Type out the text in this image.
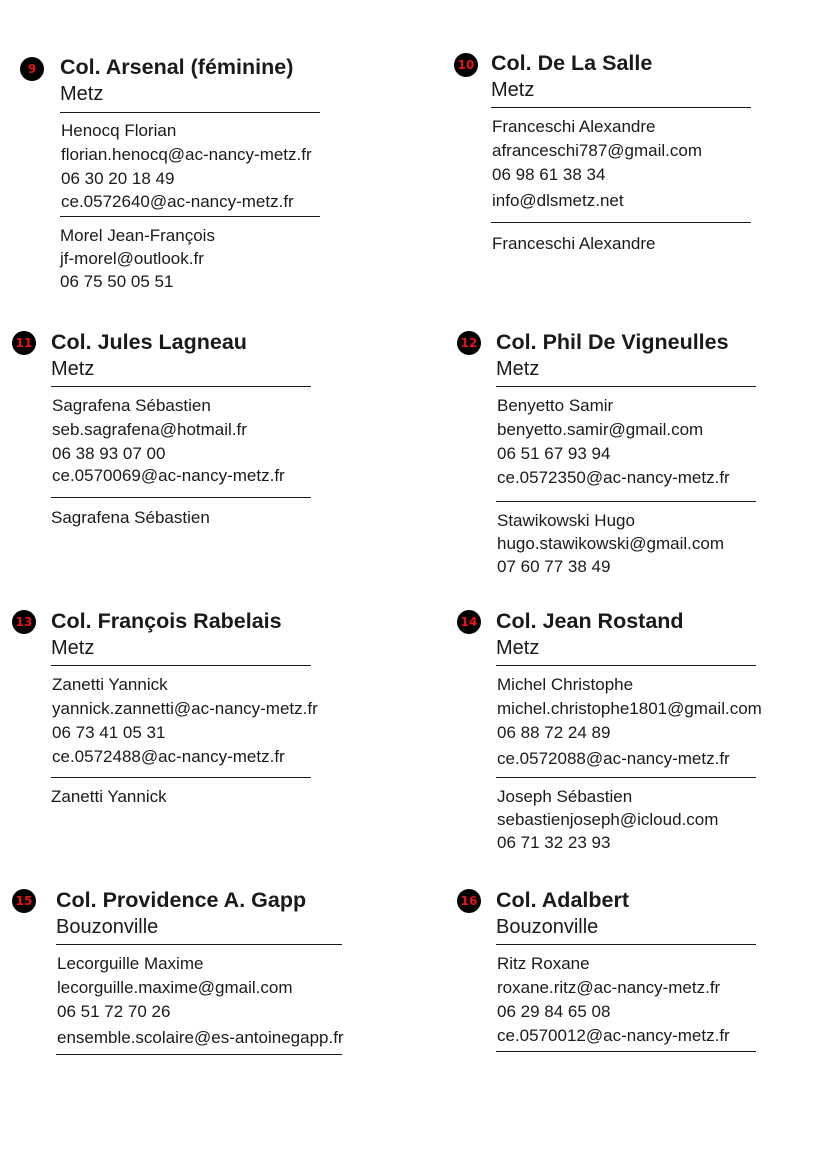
9	Col. Arsenal (féminine)
Metz
Henocq Florian
florian.henocq@ac-nancy-metz.fr
06 30 20 18 49
ce.0572640@ac-nancy-metz.fr
Morel Jean-François
jf-morel@outlook.fr
06 75 50 05 51
10 Col. De La Salle
Metz
Franceschi Alexandre
afranceschi787@gmail.com
06 98 61 38 34
info@dlsmetz.net
Franceschi Alexandre
11 Col. Jules Lagneau
Metz
Sagrafena Sébastien
seb.sagrafena@hotmail.fr
06 38 93 07 00
ce.0570069@ac-nancy-metz.fr
Sagrafena Sébastien
12 Col. Phil De Vigneulles
Metz
Benyetto Samir
benyetto.samir@gmail.com
06 51 67 93 94
ce.0572350@ac-nancy-metz.fr
Stawikowski Hugo
hugo.stawikowski@gmail.com
07 60 77 38 49
13 Col. François Rabelais
Metz
Zanetti Yannick
yannick.zannetti@ac-nancy-metz.fr
06 73 41 05 31
ce.0572488@ac-nancy-metz.fr
Zanetti Yannick
14 Col. Jean Rostand
Metz
Michel Christophe
michel.christophe1801@gmail.com
06 88 72 24 89
ce.0572088@ac-nancy-metz.fr
Joseph Sébastien
sebastienjoseph@icloud.com
06 71 32 23 93
15 Col. Providence A. Gapp
Bouzonville
Lecorguille Maxime
lecorguille.maxime@gmail.com
06 51 72 70 26
ensemble.scolaire@es-antoinegapp.fr
16 Col. Adalbert
Bouzonville
Ritz Roxane
roxane.ritz@ac-nancy-metz.fr
06 29 84 65 08
ce.0570012@ac-nancy-metz.fr
